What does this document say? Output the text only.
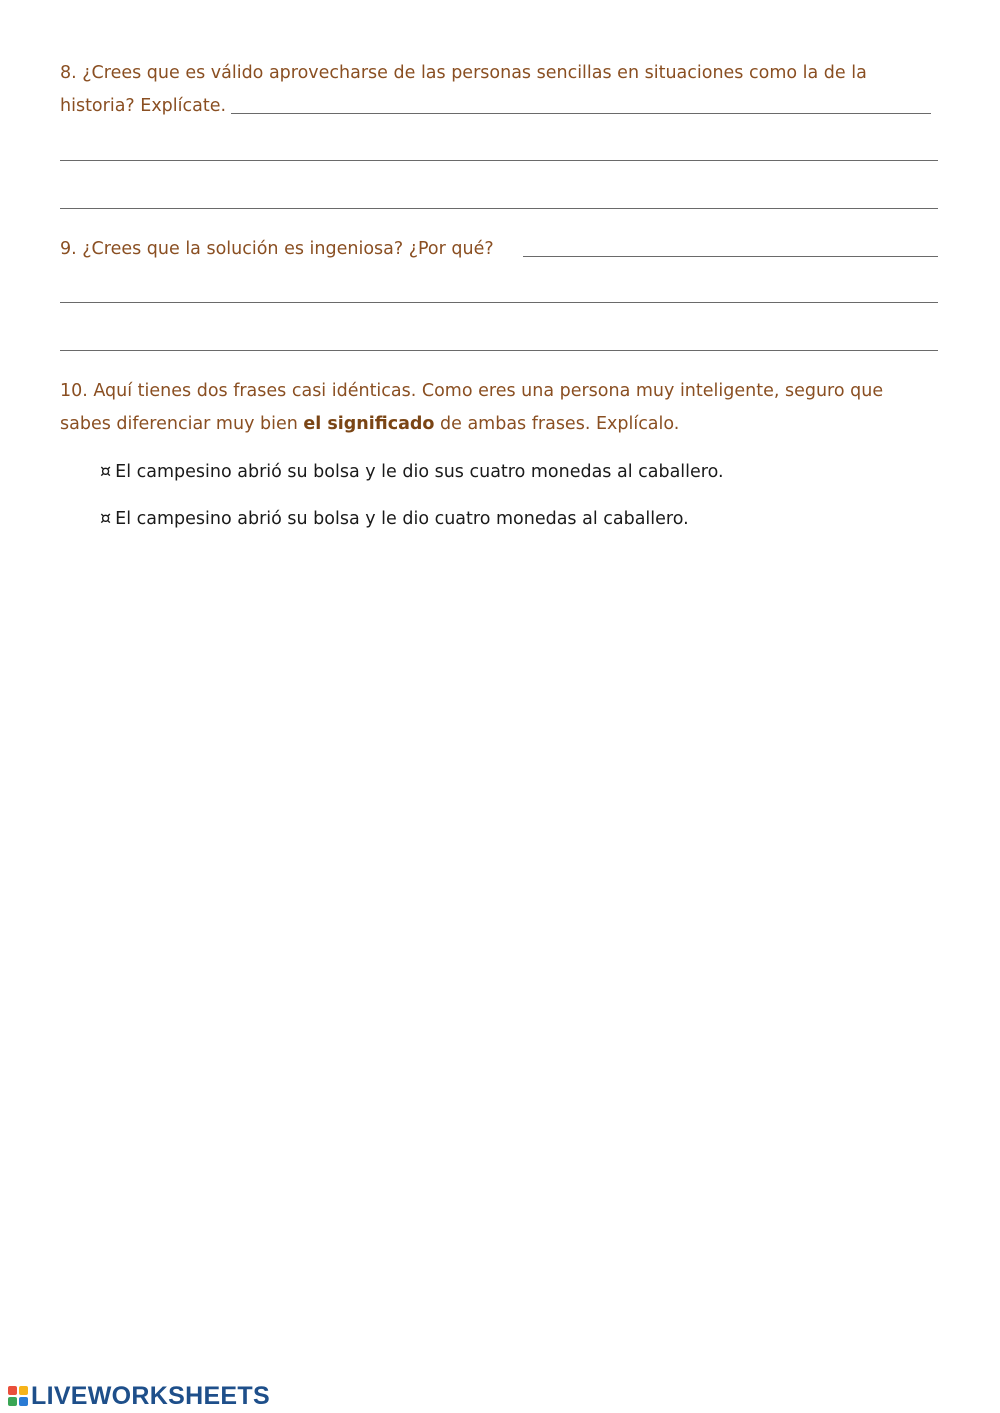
8. ¿Crees que es válido aprovecharse de las personas sencillas en situaciones como la de la
historia? Explícate.
9. ¿Crees que la solución es ingeniosa? ¿Por qué?
10. Aquí tienes dos frases casi idénticas. Como eres una persona muy inteligente, seguro que
sabes diferenciar muy bien el significado de ambas frases. Explícalo.
¤ El campesino abrió su bolsa y le dio sus cuatro monedas al caballero.
¤ El campesino abrió su bolsa y le dio cuatro monedas al caballero.
LIVEWORKSHEETS
